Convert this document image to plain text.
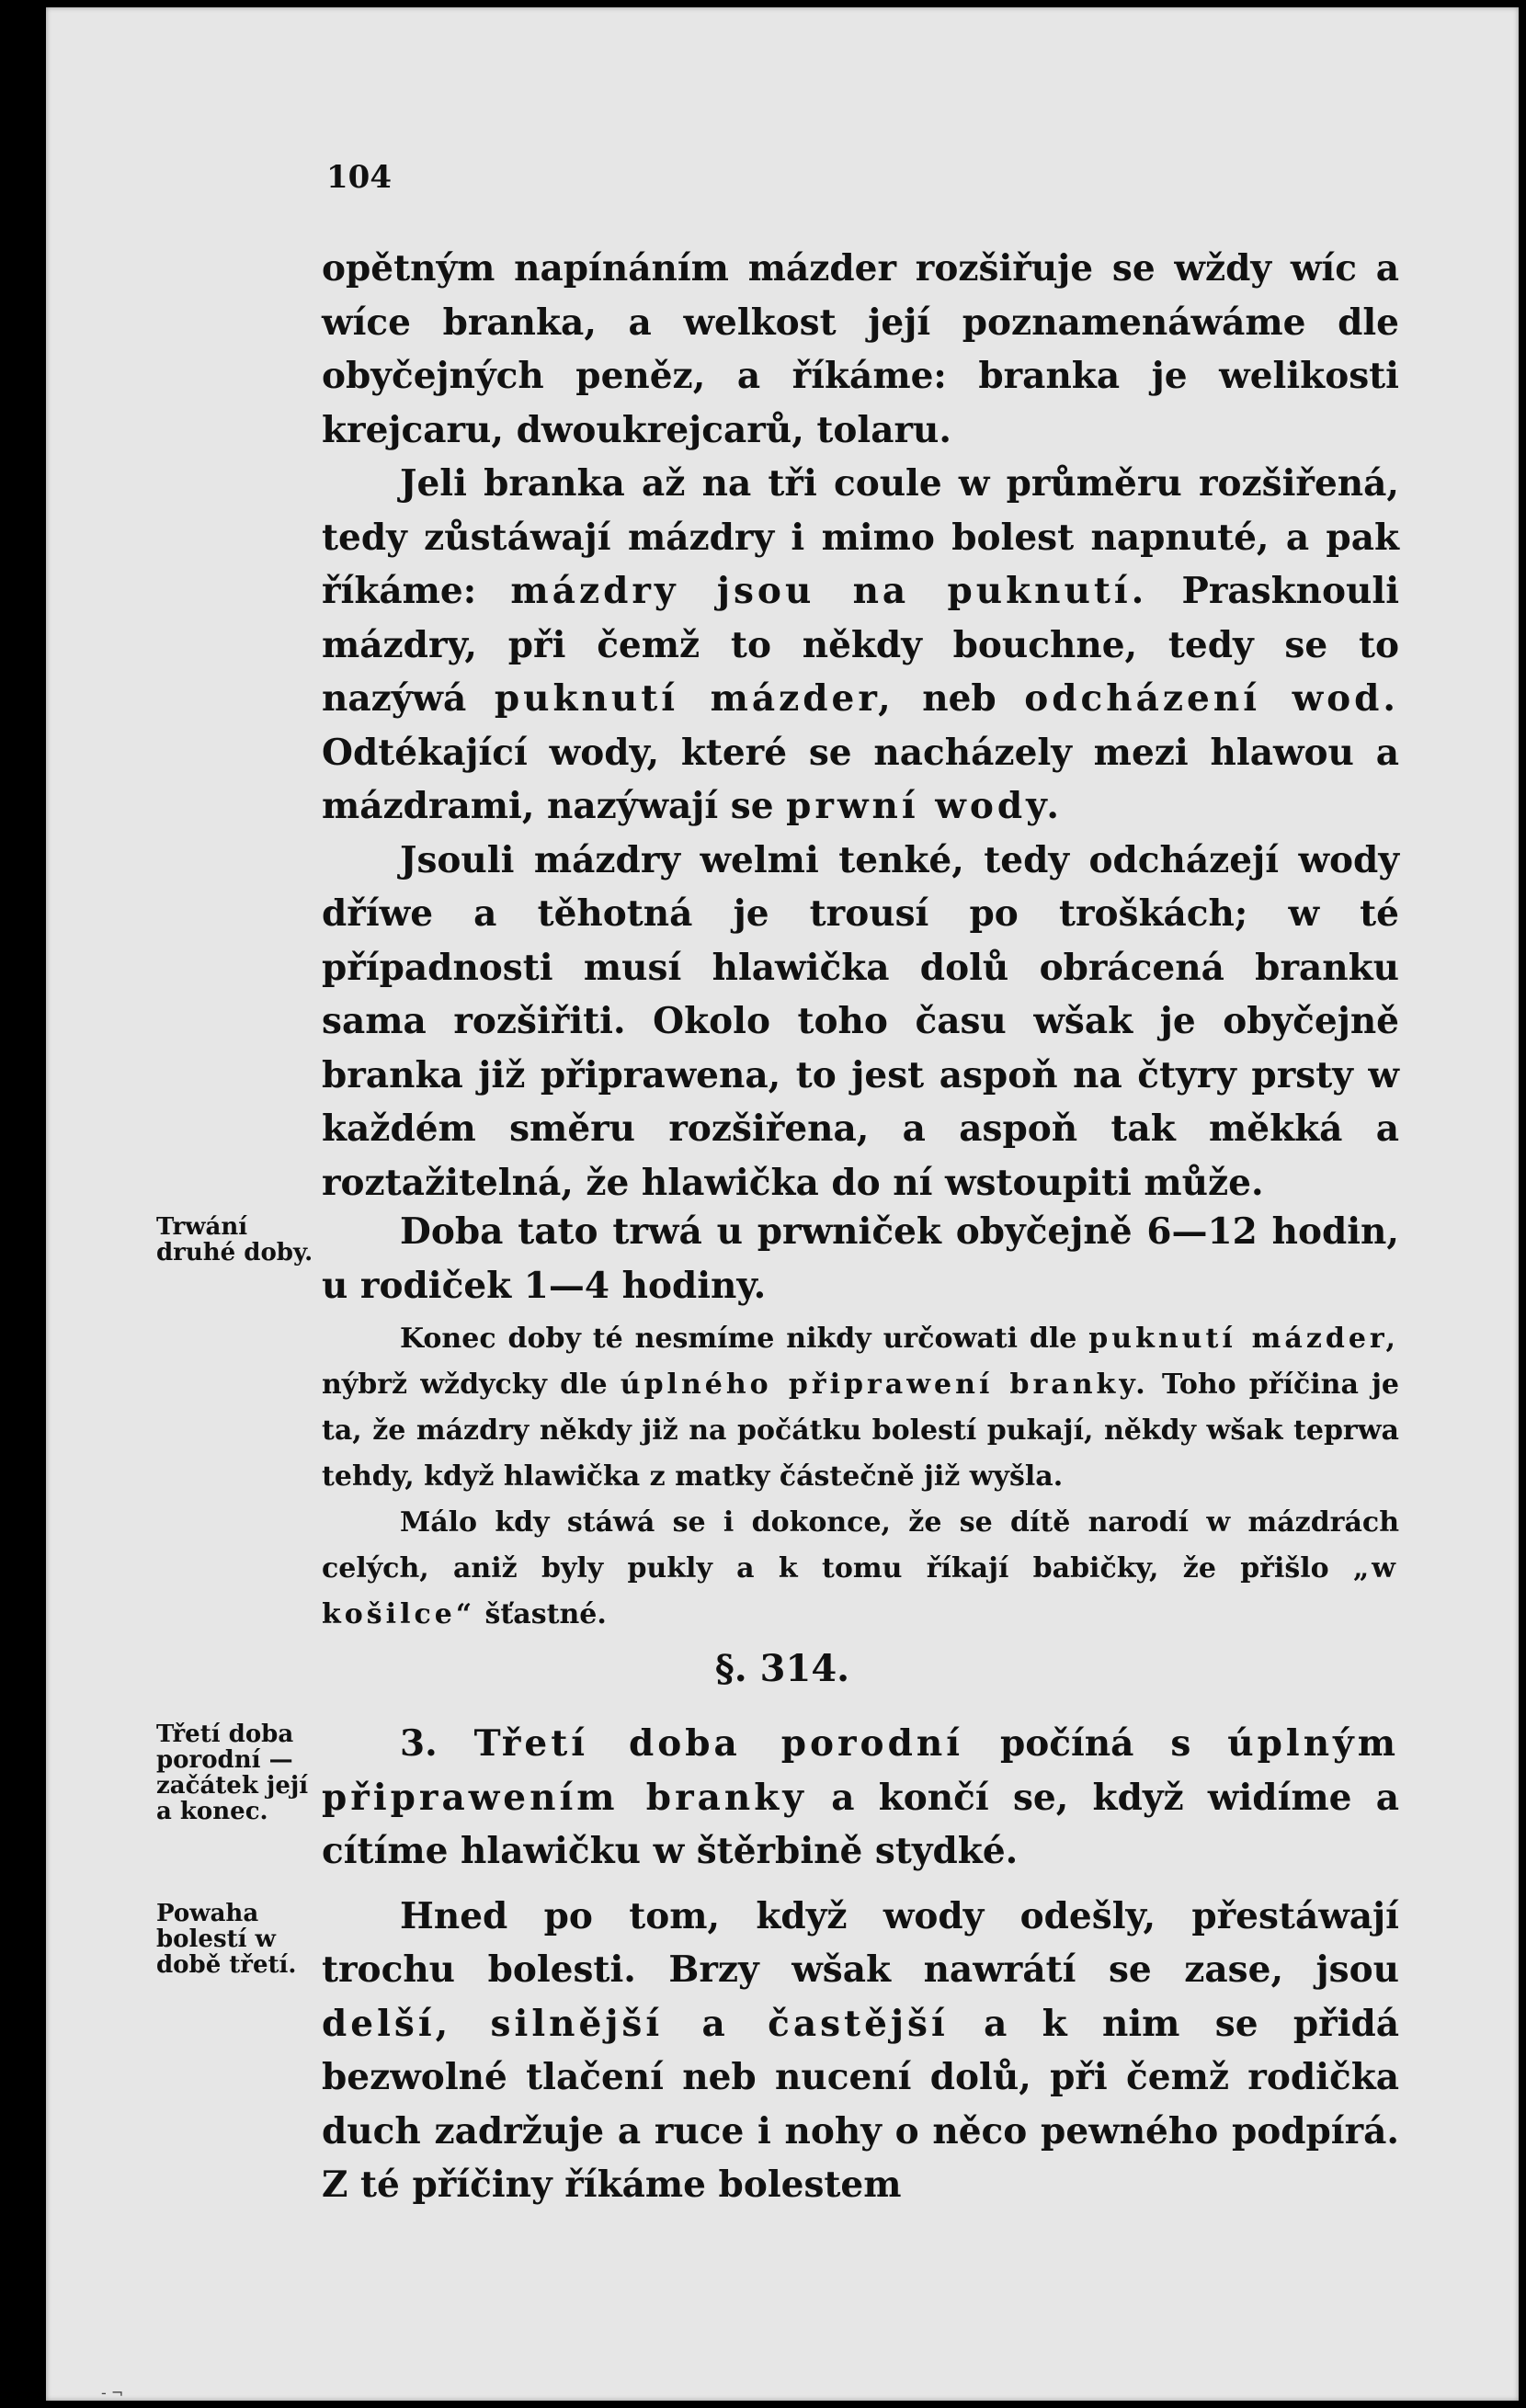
104

opětným napínáním mázder rozšiřuje se wždy wíc a wíce branka, a welkost její poznamenáwáme dle obyčejných peněz, a říkáme: branka je welikosti krejcaru, dwoukrejcarů, tolaru.

Jeli branka až na tři coule w průměru rozšiřená, tedy zůstáwají mázdry i mimo bolest napnuté, a pak říkáme: mázdry jsou na puknutí. Prasknouli mázdry, při čemž to někdy bouchne, tedy se to nazýwá puknutí mázder, neb odcházení wod. Odtékající wody, které se nacházely mezi hlawou a mázdrami, nazýwají se prwní wody.

Jsouli mázdry welmi tenké, tedy odcházejí wody dříwe a těhotná je trousí po troškách; w té případnosti musí hlawička dolů obrácená branku sama rozšiřiti. Okolo toho času wšak je obyčejně branka již připrawena, to jest aspoň na čtyry prsty w každém směru rozšiřena, a aspoň tak měkká a roztažitelná, že hlawička do ní wstoupiti může.

Trwání druhé doby.	Doba tato trwá u prwniček obyčejně 6—12 hodin, u rodiček 1—4 hodiny.

Konec doby té nesmíme nikdy určowati dle puknutí mázder, nýbrž wždycky dle úplného připrawení branky. Toho příčina je ta, že mázdry někdy již na počátku bolestí pukají, někdy wšak teprwa tehdy, když hlawička z matky částečně již wyšla.

Málo kdy stáwá se i dokonce, že se dítě narodí w mázdrách celých, aniž byly pukly a k tomu říkají babičky, že přišlo „w košilce“ šťastné.

§. 314.
Třetí doba porodní — začátek její a konec.
Powaha bolestí w době třetí.

3. Třetí doba porodní počíná s úplným připrawením branky a končí se, když widíme a cítíme hlawičku w štěrbině stydké.

Hned po tom, když wody odešly, přestáwají trochu bolesti. Brzy wšak nawrátí se zase, jsou delší, silnější a častější a k nim se přidá bezwolné tlačení neb nucení dolů, při čemž rodička duch zadržuje a ruce i nohy o něco pewného podpírá. Z té příčiny říkáme bolestem

- ¬
